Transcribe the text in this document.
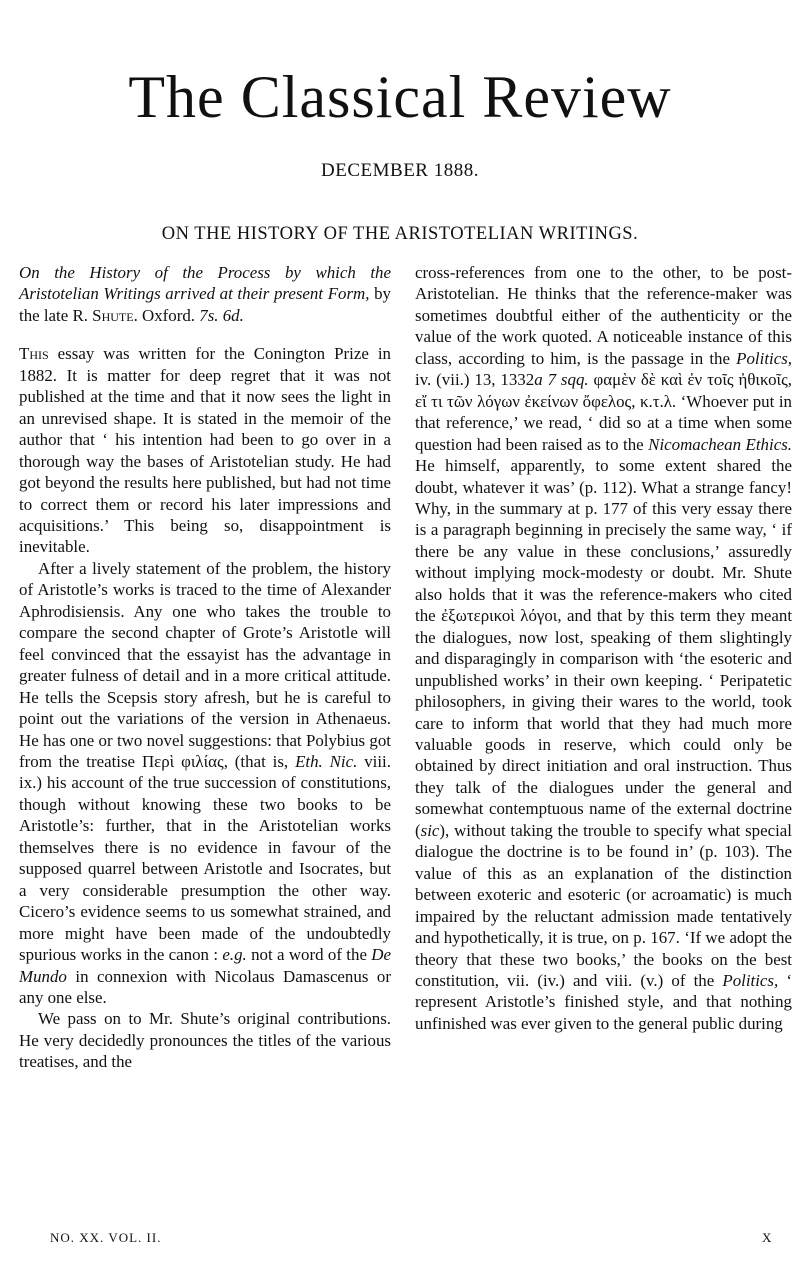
The Classical Review
DECEMBER 1888.
ON THE HISTORY OF THE ARISTOTELIAN WRITINGS.

On the History of the Process by which the Aristotelian Writings arrived at their present Form, by the late R. Shute. Oxford. 7s. 6d.

This essay was written for the Conington Prize in 1882. It is matter for deep regret that it was not published at the time and that it now sees the light in an unrevised shape. It is stated in the memoir of the author that ‘ his intention had been to go over in a thorough way the bases of Aristotelian study. He had got beyond the results here published, but had not time to correct them or record his later impressions and acquisitions.’ This being so, disappointment is inevitable.

After a lively statement of the problem, the history of Aristotle’s works is traced to the time of Alexander Aphrodisiensis. Any one who takes the trouble to compare the second chapter of Grote’s Aristotle will feel convinced that the essayist has the advantage in greater fulness of detail and in a more critical attitude. He tells the Scepsis story afresh, but he is careful to point out the variations of the version in Athenaeus. He has one or two novel suggestions: that Polybius got from the treatise Περὶ φιλίας, (that is, Eth. Nic. viii. ix.) his account of the true succession of constitutions, though without knowing these two books to be Aristotle’s: further, that in the Aristotelian works themselves there is no evidence in favour of the supposed quarrel between Aristotle and Isocrates, but a very considerable presumption the other way. Cicero’s evidence seems to us somewhat strained, and more might have been made of the undoubtedly spurious works in the canon : e.g. not a word of the De Mundo in connexion with Nicolaus Damascenus or any one else.

We pass on to Mr. Shute’s original contributions. He very decidedly pronounces the titles of the various treatises, and the

cross-references from one to the other, to be post-Aristotelian. He thinks that the reference-maker was sometimes doubtful either of the authenticity or the value of the work quoted. A noticeable instance of this class, according to him, is the passage in the Politics, iv. (vii.) 13, 1332a 7 sqq. φαμὲν δὲ καὶ ἐν τοῖς ἠθικοῖς, εἴ τι τῶν λόγων ἐκείνων ὄφελος, κ.τ.λ. ‘Whoever put in that reference,’ we read, ‘ did so at a time when some question had been raised as to the Nicomachean Ethics. He himself, apparently, to some extent shared the doubt, whatever it was’ (p. 112). What a strange fancy! Why, in the summary at p. 177 of this very essay there is a paragraph beginning in precisely the same way, ‘ if there be any value in these conclusions,’ assuredly without implying mock-modesty or doubt. Mr. Shute also holds that it was the reference-makers who cited the ἐξωτερικοὶ λόγοι, and that by this term they meant the dialogues, now lost, speaking of them slightingly and disparagingly in comparison with ‘the esoteric and unpublished works’ in their own keeping. ‘ Peripatetic philosophers, in giving their wares to the world, took care to inform that world that they had much more valuable goods in reserve, which could only be obtained by direct initiation and oral instruction. Thus they talk of the dialogues under the general and somewhat contemptuous name of the external doctrine (sic), without taking the trouble to specify what special dialogue the doctrine is to be found in’ (p. 103). The value of this as an explanation of the distinction between exoteric and esoteric (or acroamatic) is much impaired by the reluctant admission made tentatively and hypothetically, it is true, on p. 167. ‘If we adopt the theory that these two books,’ the books on the best constitution, vii. (iv.) and viii. (v.) of the Politics, ‘ represent Aristotle’s finished style, and that nothing unfinished was ever given to the general public during

NO. XX. VOL. II.	X
